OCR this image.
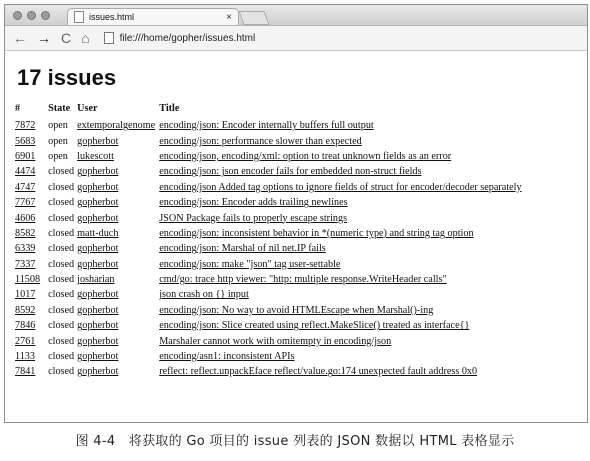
issues.html	×
← → C ⌂	file:///home/gopher/issues.html
17 issues
#	State	User	Title
7872	open	extemporalgenome	encoding/json: Encoder internally buffers full output
5683	open	gopherbot	encoding/json: performance slower than expected
6901	open	lukescott	encoding/json, encoding/xml: option to treat unknown fields as an error
4474	closed	gopherbot	encoding/json: json encoder fails for embedded non-struct fields
4747	closed	gopherbot	encoding/json Added tag options to ignore fields of struct for encoder/decoder separately
7767	closed	gopherbot	encoding/json: Encoder adds trailing newlines
4606	closed	gopherbot	JSON Package fails to properly escape strings
8582	closed	matt-duch	encoding/json: inconsistent behavior in *(numeric type) and string tag option
6339	closed	gopherbot	encoding/json: Marshal of nil net.IP fails
7337	closed	gopherbot	encoding/json: make "json" tag user-settable
11508	closed	josharian	cmd/go: trace http viewer: "http: multiple response.WriteHeader calls"
1017	closed	gopherbot	json crash on {} input
8592	closed	gopherbot	encoding/json: No way to avoid HTMLEscape when Marshal()-ing
7846	closed	gopherbot	encoding/json: Slice created using reflect.MakeSlice() treated as interface{}
2761	closed	gopherbot	Marshaler cannot work with omitempty in encoding/json
1133	closed	gopherbot	encoding/asn1: inconsistent APIs
7841	closed	gopherbot	reflect: reflect.unpackEface reflect/value.go:174 unexpected fault address 0x0
图 4-4　将获取的 Go 项目的 issue 列表的 JSON 数据以 HTML 表格显示
